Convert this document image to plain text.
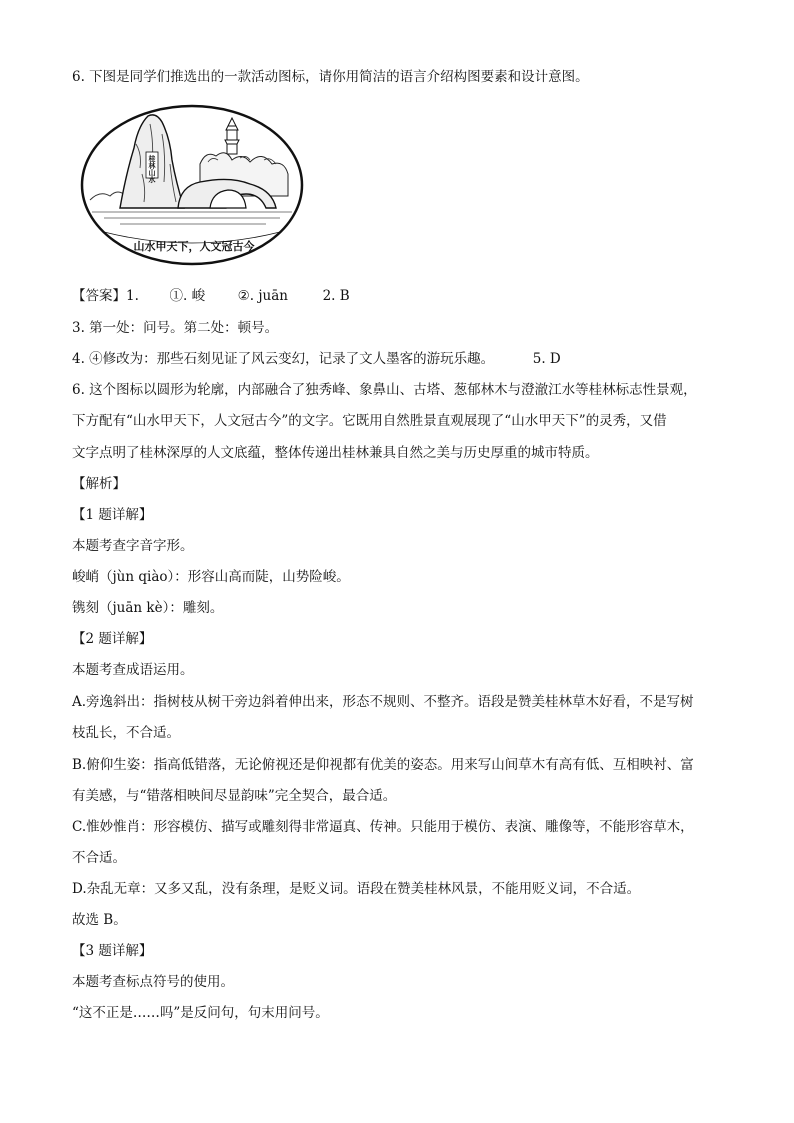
6. 下图是同学们推选出的一款活动图标，请你用简洁的语言介绍构图要素和设计意图。
山水甲天下，人文冠古今
桂林山水
【答案】1. ①. 峻 ②. juān	2. B
3. 第一处：问号。第二处：顿号。
4. ④修改为：那些石刻见证了风云变幻，记录了文人墨客的游玩乐趣。	5. D
6. 这个图标以圆形为轮廓，内部融合了独秀峰、象鼻山、古塔、葱郁林木与澄澈江水等桂林标志性景观，
下方配有“山水甲天下，人文冠古今”的文字。它既用自然胜景直观展现了“山水甲天下”的灵秀，又借
文字点明了桂林深厚的人文底蕴，整体传递出桂林兼具自然之美与历史厚重的城市特质。
【解析】
【1 题详解】
本题考查字音字形。
峻峭（jùn qiào）：形容山高而陡，山势险峻。
镌刻（juān kè）：雕刻。
【2 题详解】
本题考查成语运用。
A.旁逸斜出：指树枝从树干旁边斜着伸出来，形态不规则、不整齐。语段是赞美桂林草木好看，不是写树
枝乱长，不合适。
B.俯仰生姿：指高低错落，无论俯视还是仰视都有优美的姿态。用来写山间草木有高有低、互相映衬、富
有美感，与“错落相映间尽显韵味”完全契合，最合适。
C.惟妙惟肖：形容模仿、描写或雕刻得非常逼真、传神。只能用于模仿、表演、雕像等，不能形容草木，
不合适。
D.杂乱无章：又多又乱，没有条理，是贬义词。语段在赞美桂林风景，不能用贬义词，不合适。
故选 B。
【3 题详解】
本题考查标点符号的使用。
“这不正是……吗”是反问句，句末用问号。
